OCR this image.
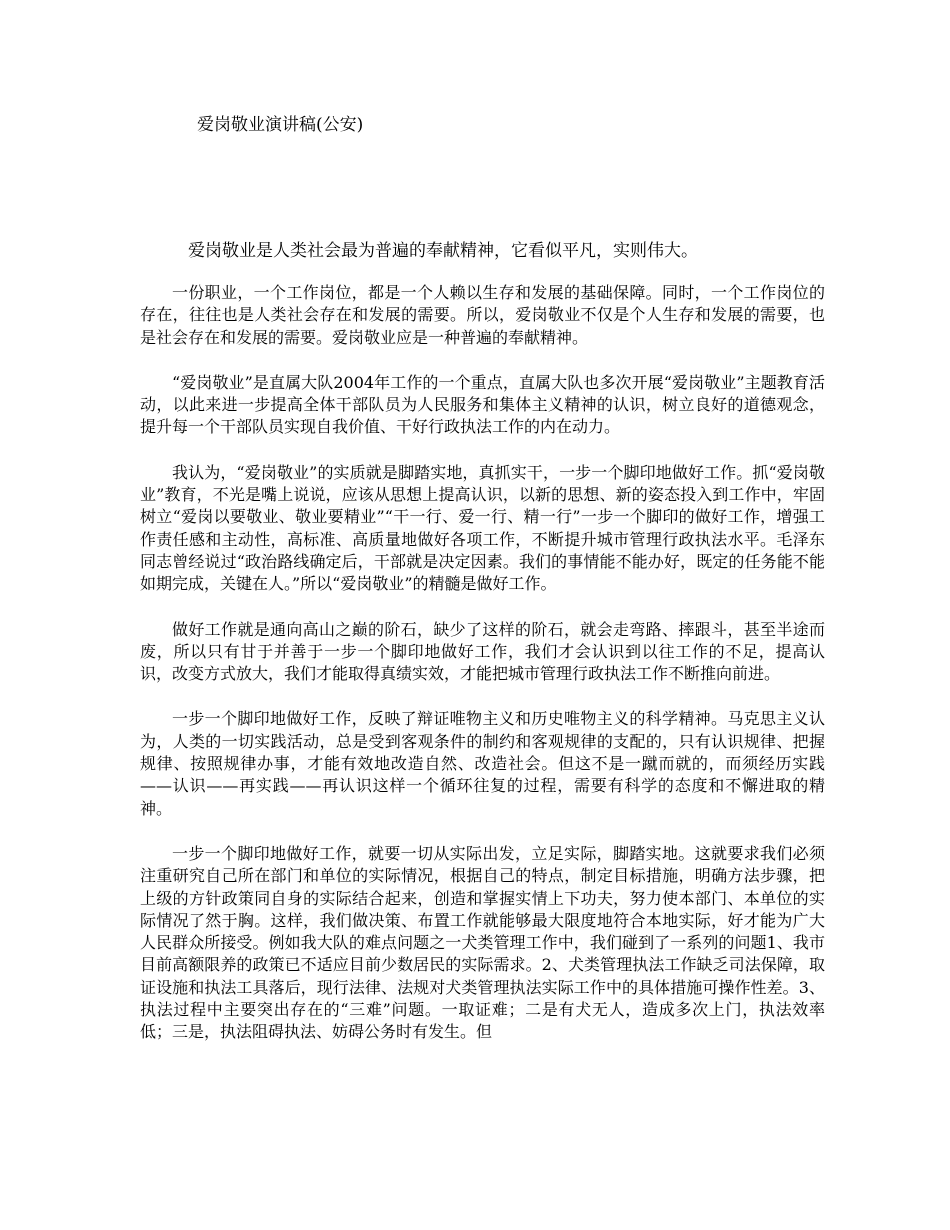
爱岗敬业演讲稿(公安)
爱岗敬业是人类社会最为普遍的奉献精神，它看似平凡，实则伟大。

一份职业，一个工作岗位，都是一个人赖以生存和发展的基础保障。同时，一个工作岗位的存在，往往也是人类社会存在和发展的需要。所以，爱岗敬业不仅是个人生存和发展的需要，也是社会存在和发展的需要。爱岗敬业应是一种普遍的奉献精神。

“爱岗敬业”是直属大队2004年工作的一个重点，直属大队也多次开展“爱岗敬业”主题教育活动，以此来进一步提高全体干部队员为人民服务和集体主义精神的认识，树立良好的道德观念，提升每一个干部队员实现自我价值、干好行政执法工作的内在动力。

我认为，“爱岗敬业”的实质就是脚踏实地，真抓实干，一步一个脚印地做好工作。抓“爱岗敬业”教育，不光是嘴上说说，应该从思想上提高认识，以新的思想、新的姿态投入到工作中，牢固树立“爱岗以要敬业、敬业要精业”“干一行、爱一行、精一行”一步一个脚印的做好工作，增强工作责任感和主动性，高标准、高质量地做好各项工作，不断提升城市管理行政执法水平。毛泽东同志曾经说过“政治路线确定后，干部就是决定因素。我们的事情能不能办好，既定的任务能不能如期完成，关键在人。”所以“爱岗敬业”的精髓是做好工作。

做好工作就是通向高山之巅的阶石，缺少了这样的阶石，就会走弯路、摔跟斗，甚至半途而废，所以只有甘于并善于一步一个脚印地做好工作，我们才会认识到以往工作的不足，提高认识，改变方式放大，我们才能取得真绩实效，才能把城市管理行政执法工作不断推向前进。

一步一个脚印地做好工作，反映了辩证唯物主义和历史唯物主义的科学精神。马克思主义认为，人类的一切实践活动，总是受到客观条件的制约和客观规律的支配的，只有认识规律、把握规律、按照规律办事，才能有效地改造自然、改造社会。但这不是一蹴而就的，而须经历实践——认识——再实践——再认识这样一个循环往复的过程，需要有科学的态度和不懈进取的精神。

一步一个脚印地做好工作，就要一切从实际出发，立足实际，脚踏实地。这就要求我们必须注重研究自己所在部门和单位的实际情况，根据自己的特点，制定目标措施，明确方法步骤，把上级的方针政策同自身的实际结合起来，创造和掌握实情上下功夫，努力使本部门、本单位的实际情况了然于胸。这样，我们做决策、布置工作就能够最大限度地符合本地实际，好才能为广大人民群众所接受。例如我大队的难点问题之一犬类管理工作中，我们碰到了一系列的问题1、我市目前高额限养的政策已不适应目前少数居民的实际需求。2、犬类管理执法工作缺乏司法保障，取证设施和执法工具落后，现行法律、法规对犬类管理执法实际工作中的具体措施可操作性差。3、执法过程中主要突出存在的“三难”问题。一取证难；二是有犬无人，造成多次上门，执法效率低；三是，执法阻碍执法、妨碍公务时有发生。但
